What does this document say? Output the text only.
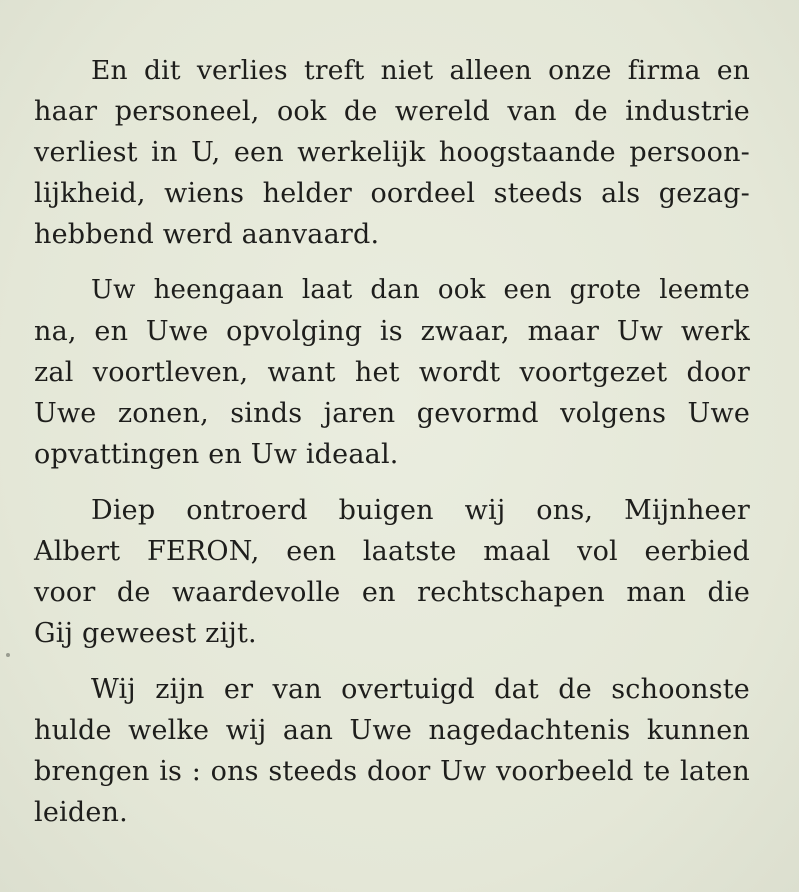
En dit verlies treft niet alleen onze firma en
haar personeel, ook de wereld van de industrie
verliest in U, een werkelijk hoogstaande persoon-
lijkheid, wiens helder oordeel steeds als gezag-
hebbend werd aanvaard.
Uw heengaan laat dan ook een grote leemte
na, en Uwe opvolging is zwaar, maar Uw werk
zal voortleven, want het wordt voortgezet door
Uwe zonen, sinds jaren gevormd volgens Uwe
opvattingen en Uw ideaal.
Diep ontroerd buigen wij ons, Mijnheer
Albert FERON, een laatste maal vol eerbied
voor de waardevolle en rechtschapen man die
Gij geweest zijt.
Wij zijn er van overtuigd dat de schoonste
hulde welke wij aan Uwe nagedachtenis kunnen
brengen is : ons steeds door Uw voorbeeld te laten
leiden.
